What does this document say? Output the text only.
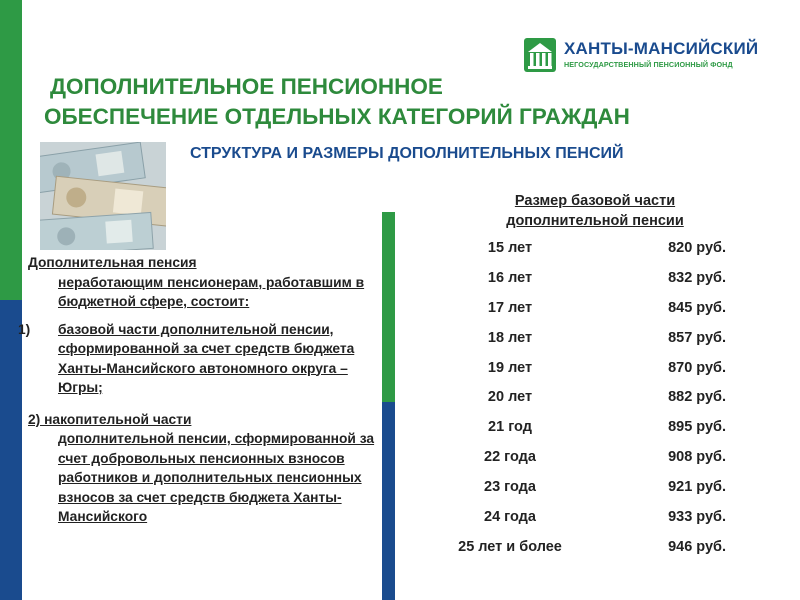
ХАНТЫ-МАНСИЙСКИЙ
НЕГОСУДАРСТВЕННЫЙ ПЕНСИОННЫЙ ФОНД
ДОПОЛНИТЕЛЬНОЕ ПЕНСИОННОЕ
ОБЕСПЕЧЕНИЕ ОТДЕЛЬНЫХ КАТЕГОРИЙ ГРАЖДАН
СТРУКТУРА И РАЗМЕРЫ ДОПОЛНИТЕЛЬНЫХ ПЕНСИЙ
Дополнительная пенсия
неработающим пенсионерам, работавшим в бюджетной сфере, состоит:
1)	базовой части дополнительной пенсии, сформированной за счет средств бюджета Ханты-Мансийского автономного округа – Югры;
2) накопительной части
дополнительной пенсии, сформированной за счет добровольных пенсионных взносов работников и дополнительных пенсионных взносов за счет средств бюджета Ханты-Мансийского
Размер базовой части дополнительной пенсии
15 лет	820 руб.
16 лет	832 руб.
17 лет	845 руб.
18 лет	857 руб.
19 лет	870 руб.
20 лет	882 руб.
21 год	895 руб.
22 года	908 руб.
23 года	921 руб.
24 года	933 руб.
25 лет и более	946 руб.
